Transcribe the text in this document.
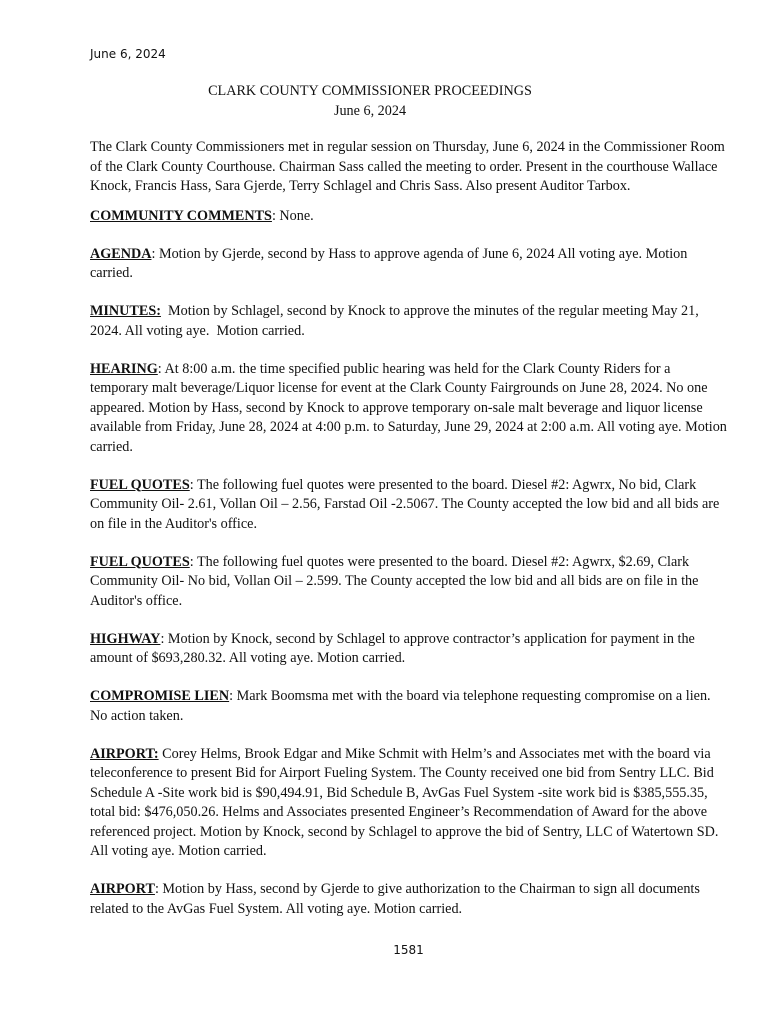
June 6, 2024
CLARK COUNTY COMMISSIONER PROCEEDINGS
June 6, 2024

The Clark County Commissioners met in regular session on Thursday, June 6, 2024 in the Commissioner Room of the Clark County Courthouse. Chairman Sass called the meeting to order. Present in the courthouse Wallace Knock, Francis Hass, Sara Gjerde, Terry Schlagel and Chris Sass. Also present Auditor Tarbox.

COMMUNITY COMMENTS: None.

AGENDA: Motion by Gjerde, second by Hass to approve agenda of June 6, 2024 All voting aye. Motion carried.

MINUTES:  Motion by Schlagel, second by Knock to approve the minutes of the regular meeting May 21, 2024. All voting aye.  Motion carried.

HEARING: At 8:00 a.m. the time specified public hearing was held for the Clark County Riders for a temporary malt beverage/Liquor license for event at the Clark County Fairgrounds on June 28, 2024. No one appeared. Motion by Hass, second by Knock to approve temporary on-sale malt beverage and liquor license available from Friday, June 28, 2024 at 4:00 p.m. to Saturday, June 29, 2024 at 2:00 a.m. All voting aye. Motion carried.

FUEL QUOTES: The following fuel quotes were presented to the board. Diesel #2: Agwrx, No bid, Clark Community Oil- 2.61, Vollan Oil – 2.56, Farstad Oil -2.5067. The County accepted the low bid and all bids are on file in the Auditor's office.

FUEL QUOTES: The following fuel quotes were presented to the board. Diesel #2: Agwrx, $2.69, Clark Community Oil- No bid, Vollan Oil – 2.599. The County accepted the low bid and all bids are on file in the Auditor's office.

HIGHWAY: Motion by Knock, second by Schlagel to approve contractor’s application for payment in the amount of $693,280.32. All voting aye. Motion carried.

COMPROMISE LIEN: Mark Boomsma met with the board via telephone requesting compromise on a lien. No action taken.

AIRPORT: Corey Helms, Brook Edgar and Mike Schmit with Helm’s and Associates met with the board via teleconference to present Bid for Airport Fueling System. The County received one bid from Sentry LLC. Bid Schedule A -Site work bid is $90,494.91, Bid Schedule B, AvGas Fuel System -site work bid is $385,555.35, total bid: $476,050.26. Helms and Associates presented Engineer’s Recommendation of Award for the above referenced project. Motion by Knock, second by Schlagel to approve the bid of Sentry, LLC of Watertown SD. All voting aye. Motion carried.

AIRPORT: Motion by Hass, second by Gjerde to give authorization to the Chairman to sign all documents related to the AvGas Fuel System. All voting aye. Motion carried.

1581
